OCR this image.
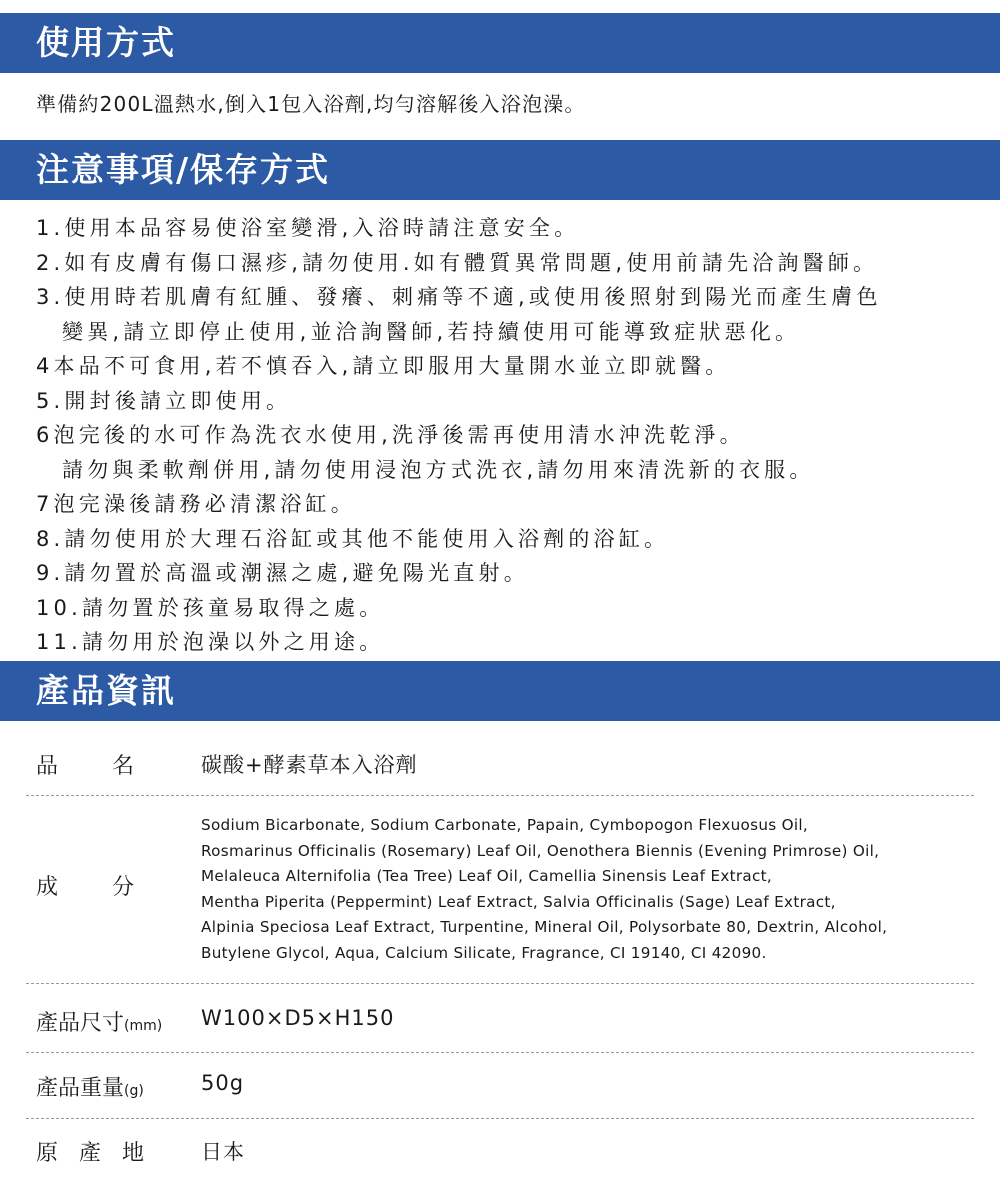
使用方式
準備約200L溫熱水,倒入1包入浴劑,均勻溶解後入浴泡澡。
注意事項/保存方式
1.使用本品容易使浴室變滑,入浴時請注意安全。
2.如有皮膚有傷口濕疹,請勿使用.如有體質異常問題,使用前請先洽詢醫師。
3.使用時若肌膚有紅腫、發癢、刺痛等不適,或使用後照射到陽光而產生膚色
變異,請立即停止使用,並洽詢醫師,若持續使用可能導致症狀惡化。
4本品不可食用,若不慎吞入,請立即服用大量開水並立即就醫。
5.開封後請立即使用。
6泡完後的水可作為洗衣水使用,洗淨後需再使用清水沖洗乾淨。
請勿與柔軟劑併用,請勿使用浸泡方式洗衣,請勿用來清洗新的衣服。
7泡完澡後請務必清潔浴缸。
8.請勿使用於大理石浴缸或其他不能使用入浴劑的浴缸。
9.請勿置於高溫或潮濕之處,避免陽光直射。
10.請勿置於孩童易取得之處。
11.請勿用於泡澡以外之用途。
產品資訊
品名 碳酸+酵素草本入浴劑
成分
Sodium Bicarbonate, Sodium Carbonate, Papain, Cymbopogon Flexuosus Oil,
Rosmarinus Officinalis (Rosemary) Leaf Oil, Oenothera Biennis (Evening Primrose) Oil,
Melaleuca Alternifolia (Tea Tree) Leaf Oil, Camellia Sinensis Leaf Extract,
Mentha Piperita (Peppermint) Leaf Extract, Salvia Officinalis (Sage) Leaf Extract,
Alpinia Speciosa Leaf Extract, Turpentine, Mineral Oil, Polysorbate 80, Dextrin, Alcohol,
Butylene Glycol, Aqua, Calcium Silicate, Fragrance, CI 19140, CI 42090.
產品尺寸(mm) W100×D5×H150
產品重量(g)	50g
原產地 日本
